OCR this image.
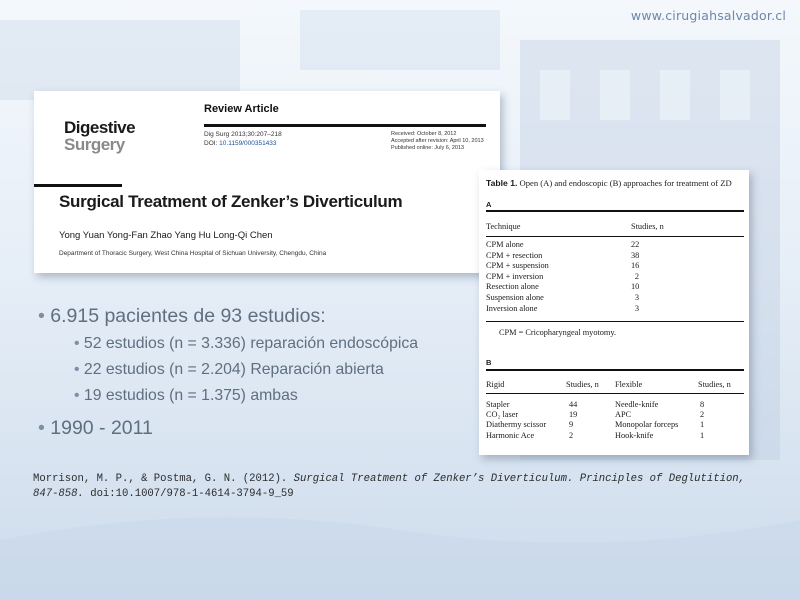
www.cirugiahsalvador.cl
Digestive
Surgery
Review Article
Dig Surg 2013;30:207–218
DOI: 10.1159/000351433
Received: October 8, 2012
Accepted after revision: April 10, 2013
Published online: July 6, 2013
Surgical Treatment of Zenker’s Diverticulum
Yong Yuan Yong-Fan Zhao Yang Hu Long-Qi Chen
Department of Thoracic Surgery, West China Hospital of Sichuan University, Chengdu, China
Table 1. Open (A) and endoscopic (B) approaches for treatment of ZD
A
Technique	Studies, n
CPM = Cricopharyngeal myotomy.
B
Rigid	Studies, n Flexible	Studies, n
CPM alone	22
CPM + resection	38
CPM + suspension	16
CPM + inversion	2
Resection alone	10
Suspension alone	3
Inversion alone	3
Stapler	44	Needle-knife	8
CO₂ laser	19	APC	2
Diathermy scissor	9	Monopolar forceps	1
Harmonic Ace	2	Hook-knife	1
• 6.915 pacientes de 93 estudios:
• 52 estudios (n = 3.336) reparación endoscópica
• 22 estudios (n = 2.204) Reparación abierta
• 19 estudios (n = 1.375) ambas
• 1990 - 2011
Morrison, M. P., & Postma, G. N. (2012). Surgical Treatment of Zenker’s Diverticulum. Principles of Deglutition, 847-858. doi:10.1007/978-1-4614-3794-9_59
